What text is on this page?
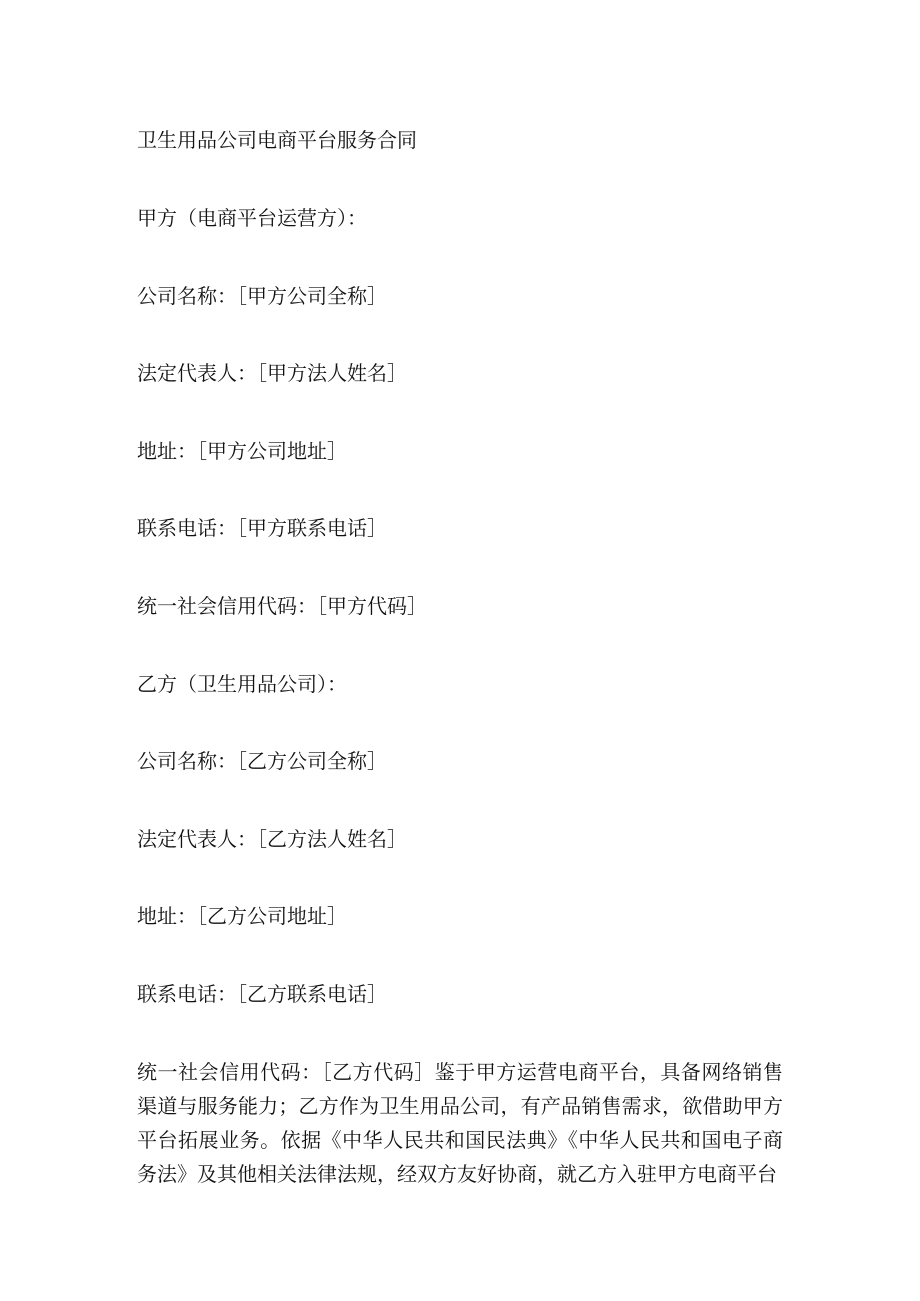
卫生用品公司电商平台服务合同

甲方（电商平台运营方）：

公司名称：［甲方公司全称］

法定代表人：［甲方法人姓名］

地址：［甲方公司地址］

联系电话：［甲方联系电话］

统一社会信用代码：［甲方代码］

乙方（卫生用品公司）：

公司名称：［乙方公司全称］

法定代表人：［乙方法人姓名］

地址：［乙方公司地址］

联系电话：［乙方联系电话］

统一社会信用代码：［乙方代码］鉴于甲方运营电商平台，具备网络销售渠道与服务能力；乙方作为卫生用品公司，有产品销售需求，欲借助甲方平台拓展业务。依据《中华人民共和国民法典》《中华人民共和国电子商务法》及其他相关法律法规，经双方友好协商，就乙方入驻甲方电商平台
